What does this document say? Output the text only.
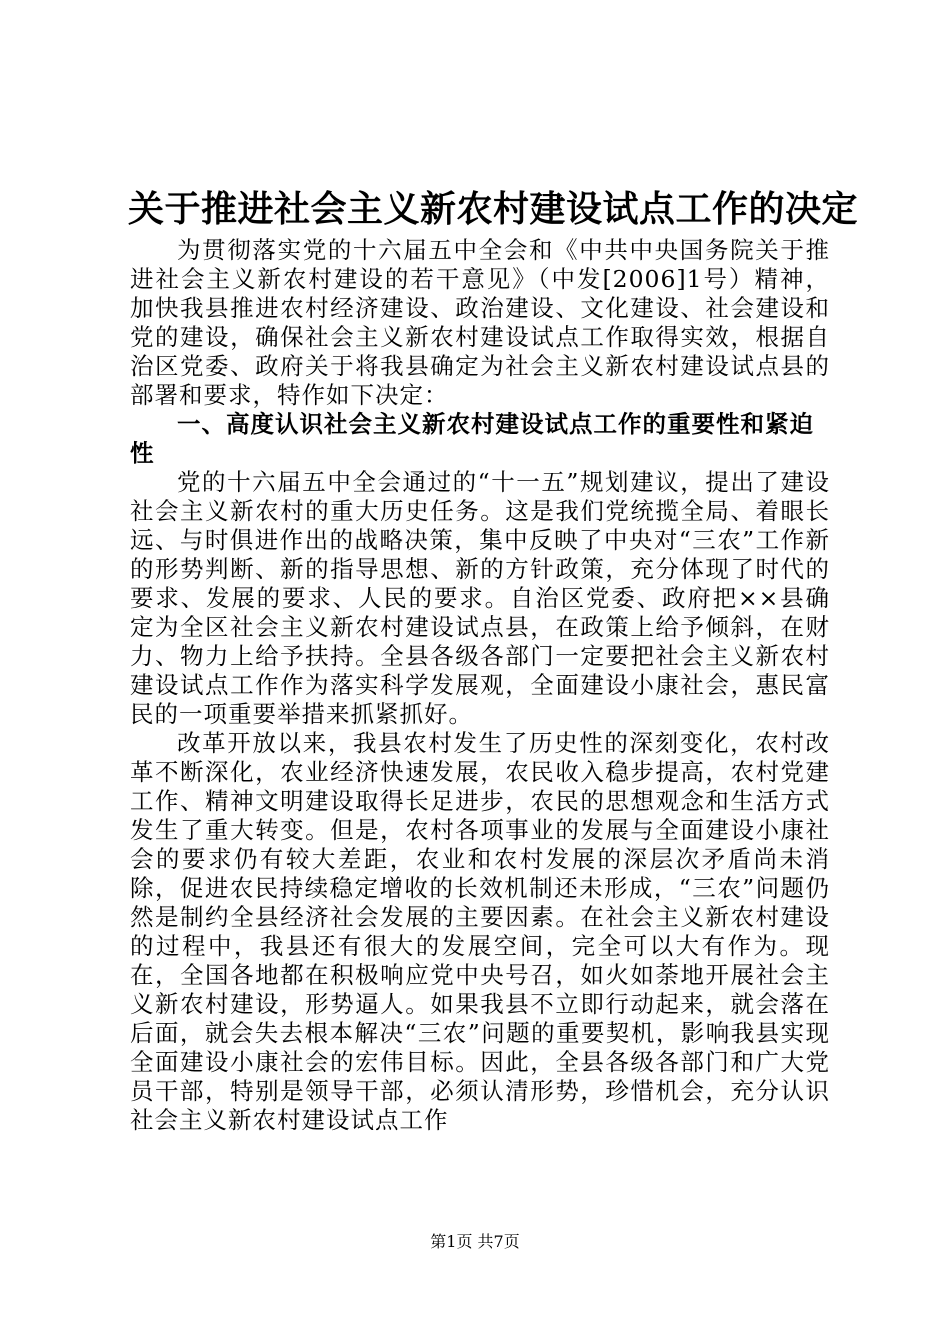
关于推进社会主义新农村建设试点工作的决定

为贯彻落实党的十六届五中全会和《中共中央国务院关于推进社会主义新农村建设的若干意见》（中发[2006]1号）精神，加快我县推进农村经济建设、政治建设、文化建设、社会建设和党的建设，确保社会主义新农村建设试点工作取得实效，根据自治区党委、政府关于将我县确定为社会主义新农村建设试点县的部署和要求，特作如下决定：

一、高度认识社会主义新农村建设试点工作的重要性和紧迫性

党的十六届五中全会通过的“十一五”规划建议，提出了建设社会主义新农村的重大历史任务。这是我们党统揽全局、着眼长远、与时俱进作出的战略决策，集中反映了中央对“三农”工作新的形势判断、新的指导思想、新的方针政策，充分体现了时代的要求、发展的要求、人民的要求。自治区党委、政府把××县确定为全区社会主义新农村建设试点县，在政策上给予倾斜，在财力、物力上给予扶持。全县各级各部门一定要把社会主义新农村建设试点工作作为落实科学发展观，全面建设小康社会，惠民富民的一项重要举措来抓紧抓好。

改革开放以来，我县农村发生了历史性的深刻变化，农村改革不断深化，农业经济快速发展，农民收入稳步提高，农村党建工作、精神文明建设取得长足进步，农民的思想观念和生活方式发生了重大转变。但是，农村各项事业的发展与全面建设小康社会的要求仍有较大差距，农业和农村发展的深层次矛盾尚未消除，促进农民持续稳定增收的长效机制还未形成，“三农”问题仍然是制约全县经济社会发展的主要因素。在社会主义新农村建设的过程中，我县还有很大的发展空间，完全可以大有作为。现在，全国各地都在积极响应党中央号召，如火如荼地开展社会主义新农村建设，形势逼人。如果我县不立即行动起来，就会落在后面，就会失去根本解决“三农”问题的重要契机，影响我县实现全面建设小康社会的宏伟目标。因此，全县各级各部门和广大党员干部，特别是领导干部，必须认清形势，珍惜机会，充分认识社会主义新农村建设试点工作

第1页 共7页
